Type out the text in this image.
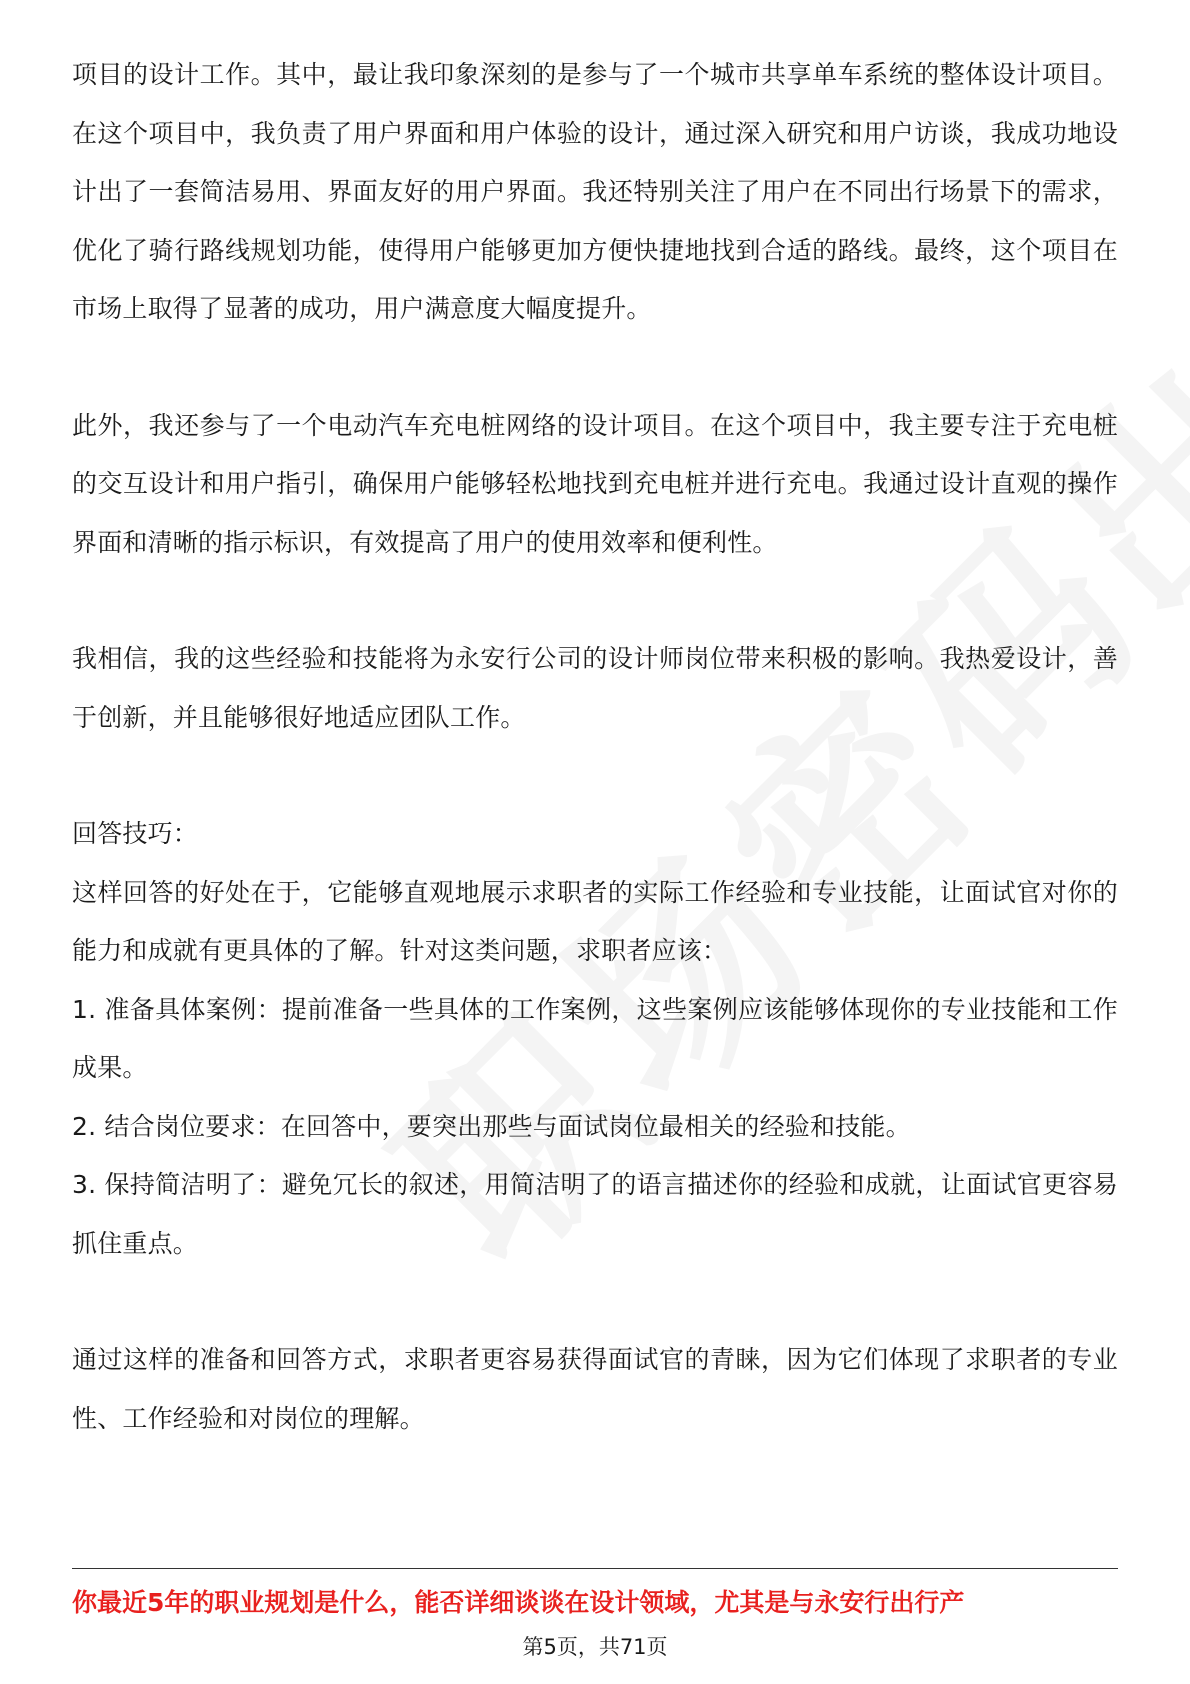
项目的设计工作。其中，最让我印象深刻的是参与了一个城市共享单车系统的整体设计项目。在这个项目中，我负责了用户界面和用户体验的设计，通过深入研究和用户访谈，我成功地设计出了一套简洁易用、界面友好的用户界面。我还特别关注了用户在不同出行场景下的需求，优化了骑行路线规划功能，使得用户能够更加方便快捷地找到合适的路线。最终，这个项目在市场上取得了显著的成功，用户满意度大幅度提升。

此外，我还参与了一个电动汽车充电桩网络的设计项目。在这个项目中，我主要专注于充电桩的交互设计和用户指引，确保用户能够轻松地找到充电桩并进行充电。我通过设计直观的操作界面和清晰的指示标识，有效提高了用户的使用效率和便利性。

我相信，我的这些经验和技能将为永安行公司的设计师岗位带来积极的影响。我热爱设计，善于创新，并且能够很好地适应团队工作。

回答技巧：

这样回答的好处在于，它能够直观地展示求职者的实际工作经验和专业技能，让面试官对你的能力和成就有更具体的了解。针对这类问题，求职者应该：

1. 准备具体案例：提前准备一些具体的工作案例，这些案例应该能够体现你的专业技能和工作成果。

2. 结合岗位要求：在回答中，要突出那些与面试岗位最相关的经验和技能。

3. 保持简洁明了：避免冗长的叙述，用简洁明了的语言描述你的经验和成就，让面试官更容易抓住重点。

通过这样的准备和回答方式，求职者更容易获得面试官的青睐，因为它们体现了求职者的专业性、工作经验和对岗位的理解。

你最近5年的职业规划是什么，能否详细谈谈在设计领域，尤其是与永安行出行产
第5页，共71页
